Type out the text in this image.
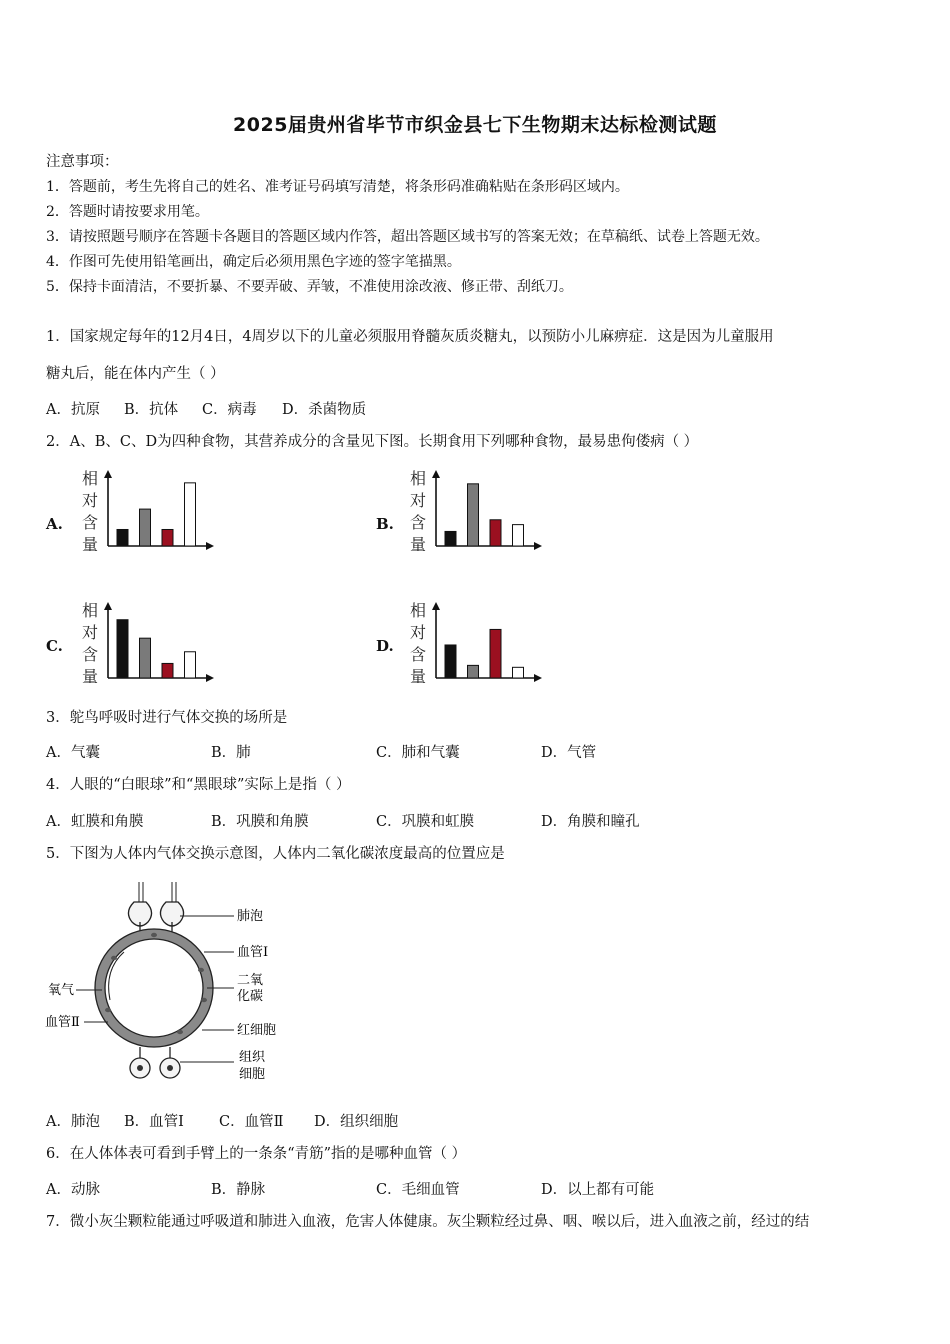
2025届贵州省毕节市织金县七下生物期末达标检测试题
注意事项：
1．答题前，考生先将自己的姓名、准考证号码填写清楚，将条形码准确粘贴在条形码区域内。
2．答题时请按要求用笔。
3．请按照题号顺序在答题卡各题目的答题区域内作答，超出答题区域书写的答案无效；在草稿纸、试卷上答题无效。
4．作图可先使用铅笔画出，确定后必须用黑色字迹的签字笔描黑。
5．保持卡面清洁，不要折暴、不要弄破、弄皱，不准使用涂改液、修正带、刮纸刀。
1．国家规定每年的12月4日，4周岁以下的儿童必须服用脊髓灰质炎糖丸，以预防小儿麻痹症．这是因为儿童服用
糖丸后，能在体内产生（ ）
A．抗原 B．抗体 C．病毒 D．杀菌物质
2．A、B、C、D为四种食物，其营养成分的含量见下图。长期食用下列哪种食物，最易患佝偻病（ ）
A.
相
对
含
量
B.
相
对
含
量
C.
相
对
含
量
D.
相
对
含
量
3．鸵鸟呼吸时进行气体交换的场所是
A．气囊	B．肺	C．肺和气囊	D．气管
4．人眼的“白眼球”和“黑眼球”实际上是指（ ）
A．虹膜和角膜	B．巩膜和角膜	C．巩膜和虹膜	D．角膜和瞳孔
5．下图为人体内气体交换示意图，人体内二氧化碳浓度最高的位置应是
肺泡
血管Ⅰ
二氧
化碳
氧气
血管Ⅱ
红细胞
组织
细胞
A．肺泡 B．血管Ⅰ C．血管Ⅱ D．组织细胞
6．在人体体表可看到手臂上的一条条“青筋”指的是哪种血管（ ）
A．动脉	B．静脉	C．毛细血管	D．以上都有可能
7．微小灰尘颗粒能通过呼吸道和肺进入血液，危害人体健康。灰尘颗粒经过鼻、咽、喉以后，进入血液之前，经过的结
